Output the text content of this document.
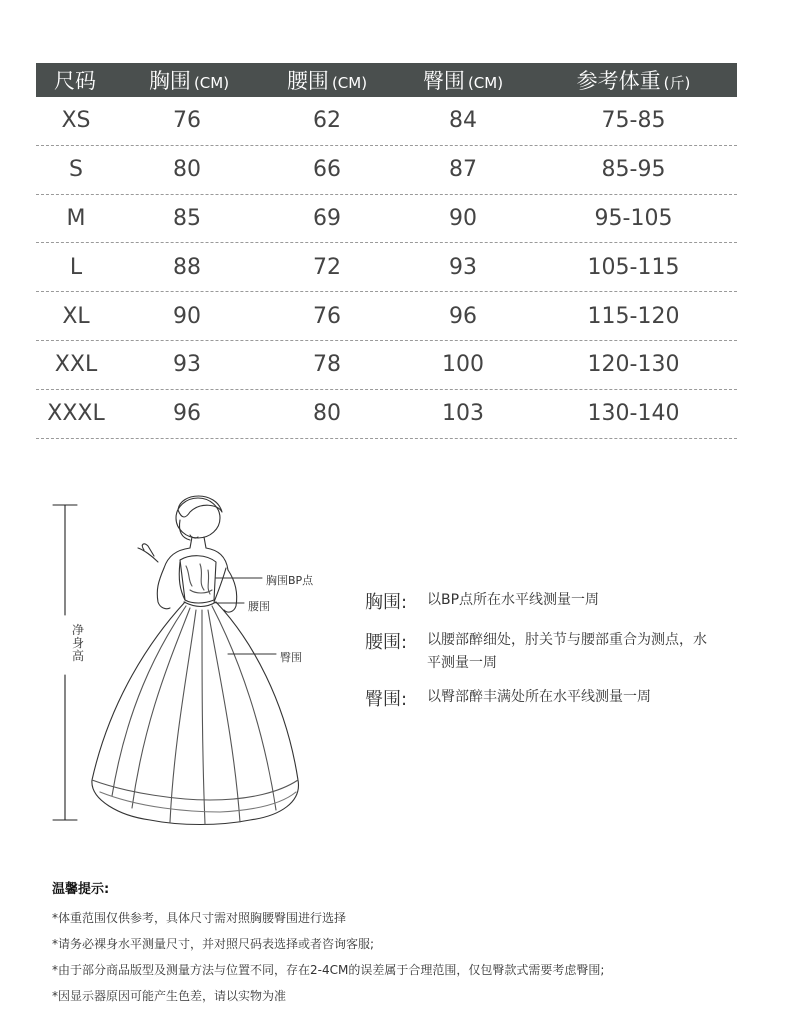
尺码	胸围 (CM)	腰围 (CM)	臀围 (CM)	参考体重 (斤)
XS	76	62	84	75-85
S	80	66	87	85-95
M	85	69	90	95-105
L	88	72	93	105-115
XL	90	76	96	115-120
XXL	93	78	100	120-130
XXXL	96	80	103	130-140
净身高
胸围BP点
腰围
臀围
胸围:	以BP点所在水平线测量一周
腰围:	以腰部醉细处，肘关节与腰部重合为测点，水平测量一周
臀围:	以臀部醉丰满处所在水平线测量一周
温馨提示:
*体重范围仅供参考，具体尺寸需对照胸腰臀围进行选择
*请务必裸身水平测量尺寸，并对照尺码表选择或者咨询客服;
*由于部分商品版型及测量方法与位置不同，存在2-4CM的误差属于合理范围，仅包臀款式需要考虑臀围;
*因显示器原因可能产生色差，请以实物为准
